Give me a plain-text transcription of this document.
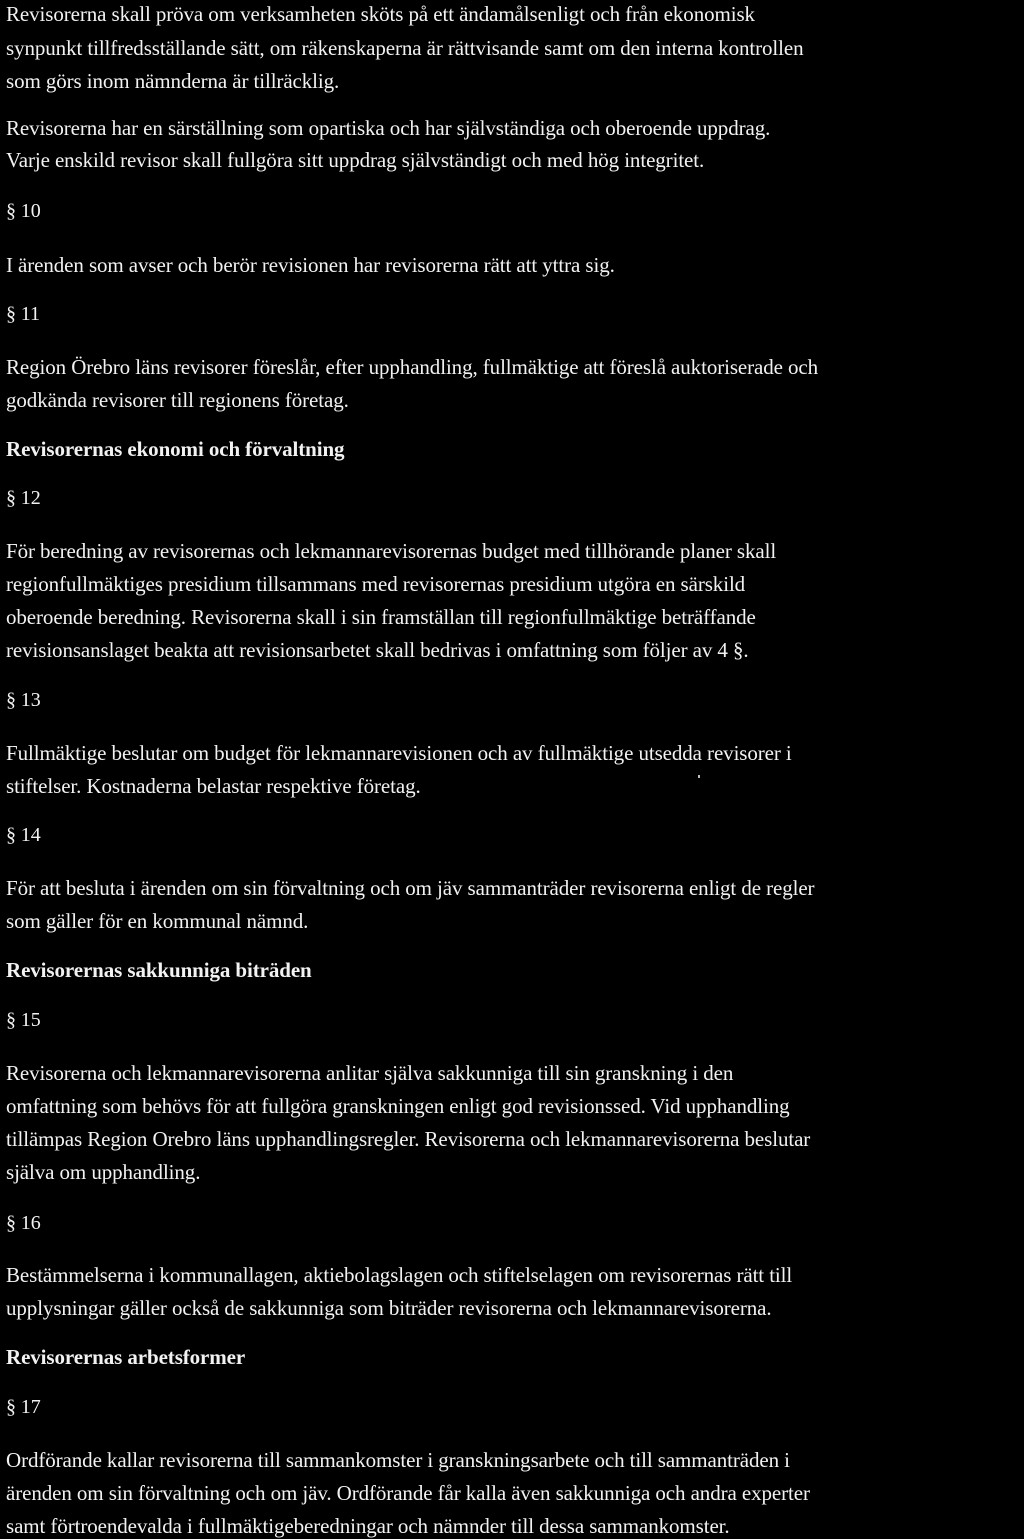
Revisorerna skall pröva om verksamheten sköts på ett ändamålsenligt och från ekonomisk
synpunkt tillfredsställande sätt, om räkenskaperna är rättvisande samt om den interna kontrollen
som görs inom nämnderna är tillräcklig.
Revisorerna har en särställning som opartiska och har självständiga och oberoende uppdrag.
Varje enskild revisor skall fullgöra sitt uppdrag självständigt och med hög integritet.
§ 10
I ärenden som avser och berör revisionen har revisorerna rätt att yttra sig.
§ 11
Region Örebro läns revisorer föreslår, efter upphandling, fullmäktige att föreslå auktoriserade och
godkända revisorer till regionens företag.
Revisorernas ekonomi och förvaltning
§ 12
För beredning av revisorernas och lekmannarevisorernas budget med tillhörande planer skall
regionfullmäktiges presidium tillsammans med revisorernas presidium utgöra en särskild
oberoende beredning. Revisorerna skall i sin framställan till regionfullmäktige beträffande
revisionsanslaget beakta att revisionsarbetet skall bedrivas i omfattning som följer av 4 §.
§ 13
Fullmäktige beslutar om budget för lekmannarevisionen och av fullmäktige utsedda revisorer i
stiftelser. Kostnaderna belastar respektive företag.
§ 14
För att besluta i ärenden om sin förvaltning och om jäv sammanträder revisorerna enligt de regler
som gäller för en kommunal nämnd.
Revisorernas sakkunniga biträden
§ 15
Revisorerna och lekmannarevisorerna anlitar själva sakkunniga till sin granskning i den
omfattning som behövs för att fullgöra granskningen enligt god revisionssed. Vid upphandling
tillämpas Region Orebro läns upphandlingsregler. Revisorerna och lekmannarevisorerna beslutar
själva om upphandling.
§ 16
Bestämmelserna i kommunallagen, aktiebolagslagen och stiftelselagen om revisorernas rätt till
upplysningar gäller också de sakkunniga som biträder revisorerna och lekmannarevisorerna.
Revisorernas arbetsformer
§ 17
Ordförande kallar revisorerna till sammankomster i granskningsarbete och till sammanträden i
ärenden om sin förvaltning och om jäv. Ordförande får kalla även sakkunniga och andra experter
samt förtroendevalda i fullmäktigeberedningar och nämnder till dessa sammankomster.
